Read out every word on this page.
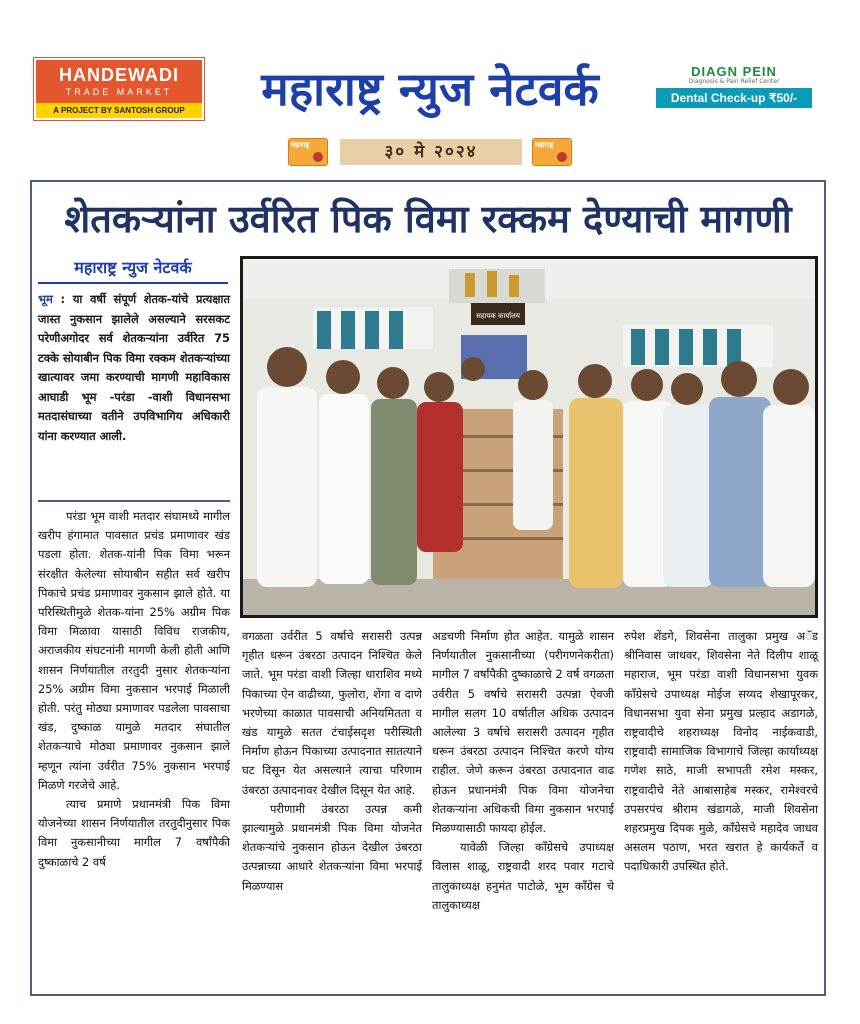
HANDEWADI
TRADE MARKET
A PROJECT BY SANTOSH GROUP	महाराष्ट्र न्युज नेटवर्क	DIAGN PEIN
Diagnosis & Pain Relief Center
Dental Check-up ₹50/-
महाराष्ट्र	३० मे २०२४	महाराष्ट्र
शेतकऱ्यांना उर्वरित पिक विमा रक्कम देण्याची मागणी
महाराष्ट्र न्युज नेटवर्क
भूम : या वर्षी संपूर्ण शेतक-यांचे प्रत्यक्षात जास्त नुकसान झालेले असल्याने सरसकट परेणीअगोदर सर्व शेतकऱ्यांना उर्वरित 75 टक्के सोयाबीन पिक विमा रक्कम शेतकऱ्यांच्या खात्यावर जमा करण्याची मागणी महाविकास आघाडी भूम -परंडा -वाशी विधानसभा मतदासंघाच्या वतीने उपविभागिय अधिकारी यांना करण्यात आली.

परंडा भूम वाशी मतदार संघामध्ये मागील खरीप हंगामात पावसात प्रचंड प्रमाणावर खंड पडला होता. शेतक-यांनी पिक विमा भरून संरक्षीत केलेल्या सोयाबीन सहीत सर्व खरीप पिकाचे प्रचंड प्रमाणावर नुकसान झाले होते. या परिस्थितीमुळे शेतक-यांना 25% अग्रीम पिक विमा मिळावा यासाठी विविध राजकीय, अराजकीय संघटनांनी मागणी केली होती आणि शासन निर्णयातील तरतुदी नुसार शेतकऱ्यांना 25% अग्रीम विमा नुकसान भरपाई मिळाली होती. परंतु मोठ्या प्रमाणावर पडलेला पावसाचा खंड, दुष्काळ यामुळे मतदार संघातील शेतकऱ्याचे मोठ्या प्रमाणावर नुकसान झाले म्हणून त्यांना उर्वरीत 75% नुकसान भरपाई मिळणे गरजेचे आहे.

त्याच प्रमाणे प्रधानमंत्री पिक विमा योजनेच्या शासन निर्णयातील तरतुदीनुसार पिक विमा नुकसानीच्या मागील 7 वर्षांपैकी दुष्काळाचे 2 वर्ष

सहायक कार्यालय

वगळता उर्वरीत 5 वर्षाचे सरासरी उत्पन्न गृहीत धरून उंबरठा उत्पादन निश्चित केले जाते. भूम परंडा वाशी जिल्हा धाराशिव मध्ये पिकाच्या ऐन वाढीच्या, फुलोरा, शेंगा व दाणे भरणेच्या काळात पावसाची अनियमितता व खंड यामुळे सतत टंचाईसदृश परीस्थिती निर्माण होऊन पिकाच्या उत्पादनात सातत्याने घट दिसून येत असल्याने त्याचा परिणाम उंबरठा उत्पादनावर देखील दिसून येत आहे.

परीणामी उंबरठा उत्पन्न कमी झाल्यामुळे प्रधानमंत्री पिक विमा योजनेत शेतकऱ्यांचे नुकसान होऊन देखील उंबरठा उत्पन्नाच्या आधारे शेतकऱ्यांना विमा भरपाई मिळण्यास

अडचणी निर्माण होत आहेत. यामुळे शासन निर्णयातील नुकसानीच्या (परीगणनेकरीता) मागील 7 वर्षांपैकी दुष्काळाचे 2 वर्ष वगळता उर्वरीत 5 वर्षाचे सरासरी उत्पन्ना ऐवजी मागील सलग 10 वर्षातील अधिक उत्पादन आलेल्या 3 वर्षाचे सरासरी उत्पादन गृहीत धरून उंबरठा उत्पादन निश्चित करणे योग्य राहील. जेणे करून उंबरठा उत्पादनात वाढ होऊन प्रधानमंत्री पिक विमा योजनेचा शेतकऱ्यांना अधिकची विमा नुकसान भरपाई मिळण्यासाठी फायदा होईल.

यावेळी जिल्हा काँग्रेसचे उपाध्यक्ष विलास शाळू, राष्ट्रवादी शरद पवार गटाचे तालुकाध्यक्ष हनुमंत पाटोळे, भूम काँग्रेस चे तालुकाध्यक्ष

रुपेश शेंडगे, शिवसेना तालुका प्रमुख अॅड श्रीनिवास जाधवर, शिवसेना नेते दिलीप शाळू महाराज, भूम परंडा वाशी विधानसभा युवक कॉंग्रेसचे उपाध्यक्ष मोईज सय्यद शेखापूरकर, विधानसभा युवा सेना प्रमुख प्रल्हाद अडागळे, राष्ट्रवादीचे शहराध्यक्ष विनोद नाईकवाडी, राष्ट्रवादी सामाजिक विभागाचे जिल्हा कार्याध्यक्ष गणेश साठे, माजी सभापती रमेश मस्कर, राष्ट्रवादीचे नेते आबासाहेब मस्कर, रामेश्वरचे उपसरपंच श्रीराम खंडागळे, माजी शिवसेना शहरप्रमुख दिपक मुळे, काँग्रेसचे महादेव जाधव असलम पठाण, भरत खरात हे कार्यकर्ते व पदाधिकारी उपस्थित होते.
